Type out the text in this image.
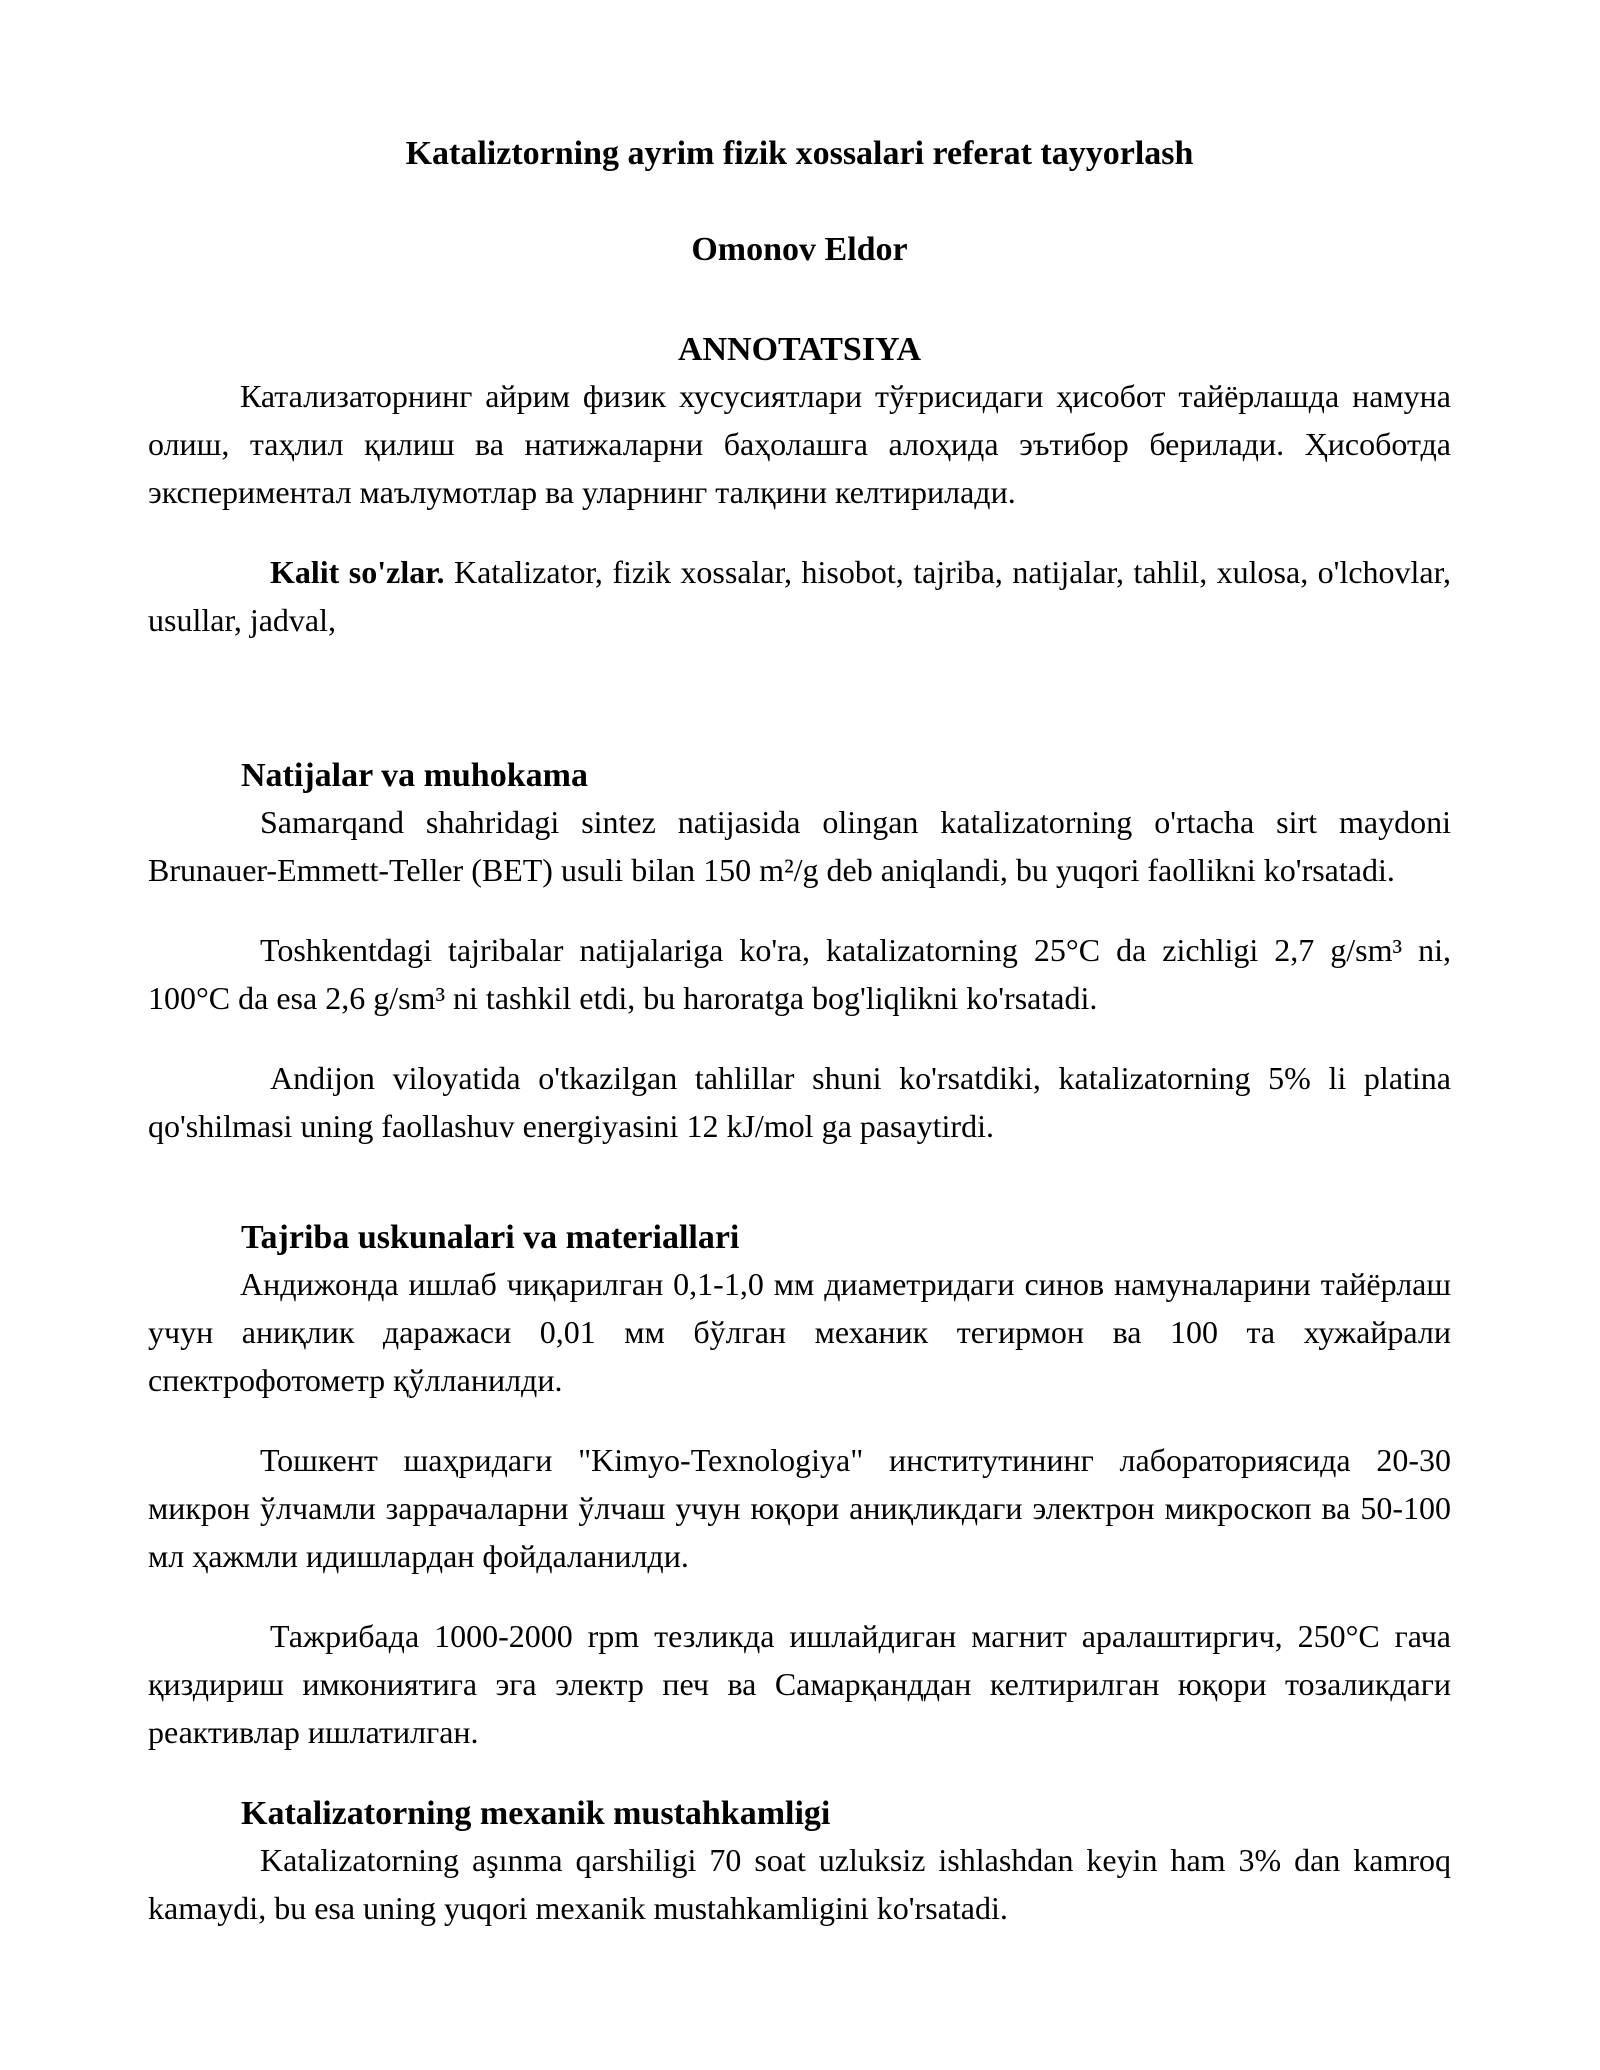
Kataliztorning ayrim fizik xossalari referat tayyorlash
Omonov Eldor
ANNOTATSIYA

Катализаторнинг айрим физик хусусиятлари тўғрисидаги ҳисобот тайёрлашда намуна олиш, таҳлил қилиш ва натижаларни баҳолашга алоҳида эътибор берилади. Ҳисоботда экспериментал маълумотлар ва уларнинг талқини келтирилади.

Kalit so'zlar. Katalizator, fizik xossalar, hisobot, tajriba, natijalar, tahlil, xulosa, o'lchovlar, usullar, jadval,

Natijalar va muhokama

Samarqand shahridagi sintez natijasida olingan katalizatorning o'rtacha sirt maydoni Brunauer-Emmett-Teller (BET) usuli bilan 150 m²/g deb aniqlandi, bu yuqori faollikni ko'rsatadi.

Toshkentdagi tajribalar natijalariga ko'ra, katalizatorning 25°C da zichligi 2,7 g/sm³ ni, 100°C da esa 2,6 g/sm³ ni tashkil etdi, bu haroratga bog'liqlikni ko'rsatadi.

Andijon viloyatida o'tkazilgan tahlillar shuni ko'rsatdiki, katalizatorning 5% li platina qo'shilmasi uning faollashuv energiyasini 12 kJ/mol ga pasaytirdi.

Tajriba uskunalari va materiallari

Андижонда ишлаб чиқарилган 0,1-1,0 мм диаметридаги синов намуналарини тайёрлаш учун аниқлик даражаси 0,01 мм бўлган механик тегирмон ва 100 та хужайрали спектрофотометр қўлланилди.

Тошкент шаҳридаги "Kimyo-Texnologiya" институтининг лабораториясида 20-30 микрон ўлчамли заррачаларни ўлчаш учун юқори аниқликдаги электрон микроскоп ва 50-100 мл ҳажмли идишлардан фойдаланилди.

Тажрибада 1000-2000 rpm тезликда ишлайдиган магнит аралаштиргич, 250°C гача қиздириш имкониятига эга электр печ ва Самарқанддан келтирилган юқори тозаликдаги реактивлар ишлатилган.

Katalizatorning mexanik mustahkamligi

Katalizatorning aşınma qarshiligi 70 soat uzluksiz ishlashdan keyin ham 3% dan kamroq kamaydi, bu esa uning yuqori mexanik mustahkamligini ko'rsatadi.
